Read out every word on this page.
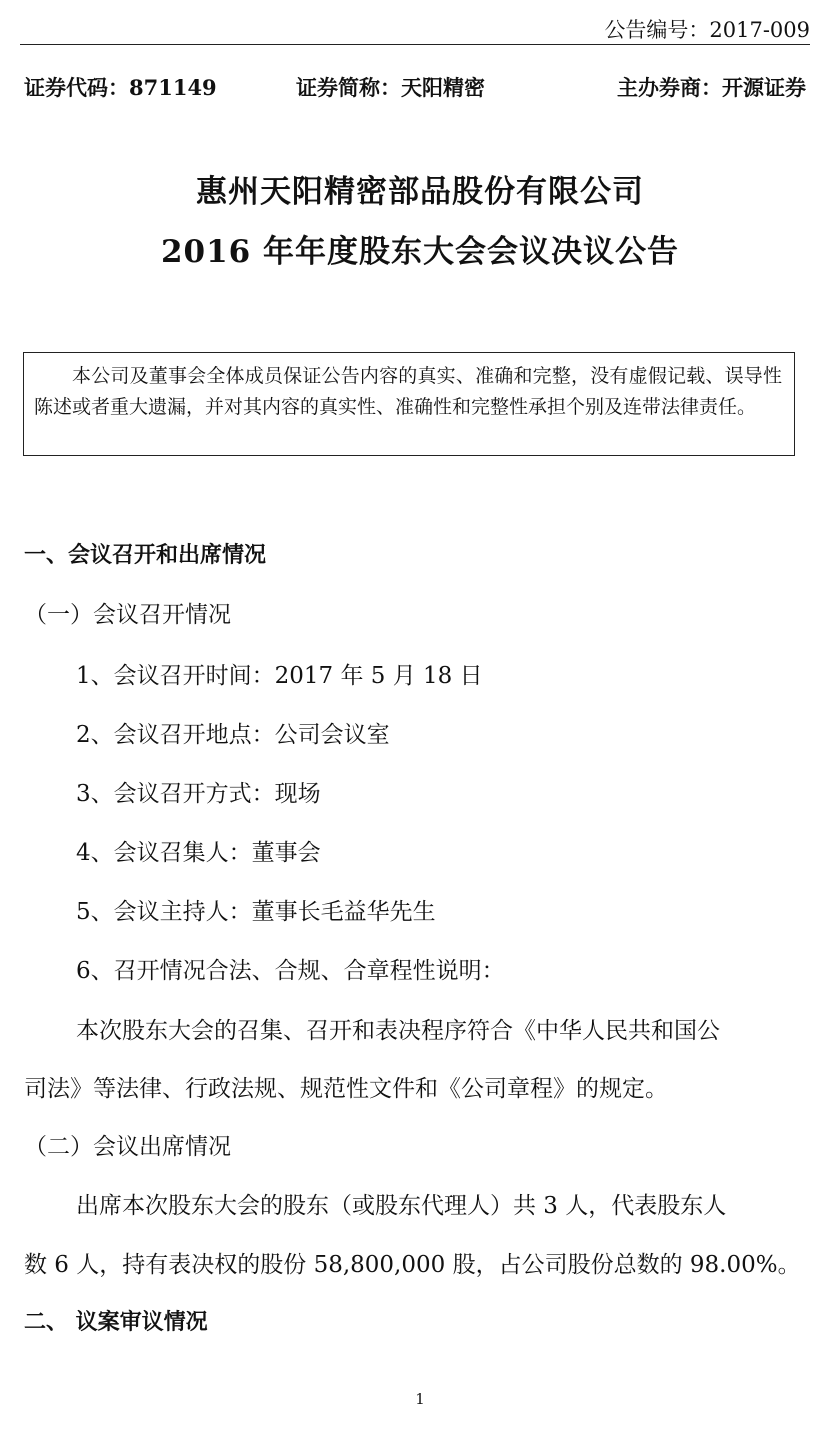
公告编号：2017-009
证券代码：871149	证券简称：天阳精密	主办券商：开源证券
惠州天阳精密部品股份有限公司
2016 年年度股东大会会议决议公告
本公司及董事会全体成员保证公告内容的真实、准确和完整，没有虚假记载、误导性陈述或者重大遗漏，并对其内容的真实性、准确性和完整性承担个别及连带法律责任。
一、会议召开和出席情况
（一）会议召开情况
1、会议召开时间：2017 年 5 月 18 日
2、会议召开地点：公司会议室
3、会议召开方式：现场
4、会议召集人：董事会
5、会议主持人：董事长毛益华先生
6、召开情况合法、合规、合章程性说明：
本次股东大会的召集、召开和表决程序符合《中华人民共和国公
司法》等法律、行政法规、规范性文件和《公司章程》的规定。
（二）会议出席情况
出席本次股东大会的股东（或股东代理人）共 3 人，代表股东人
数 6 人，持有表决权的股份 58,800,000 股，占公司股份总数的 98.00%。
二、 议案审议情况
1
